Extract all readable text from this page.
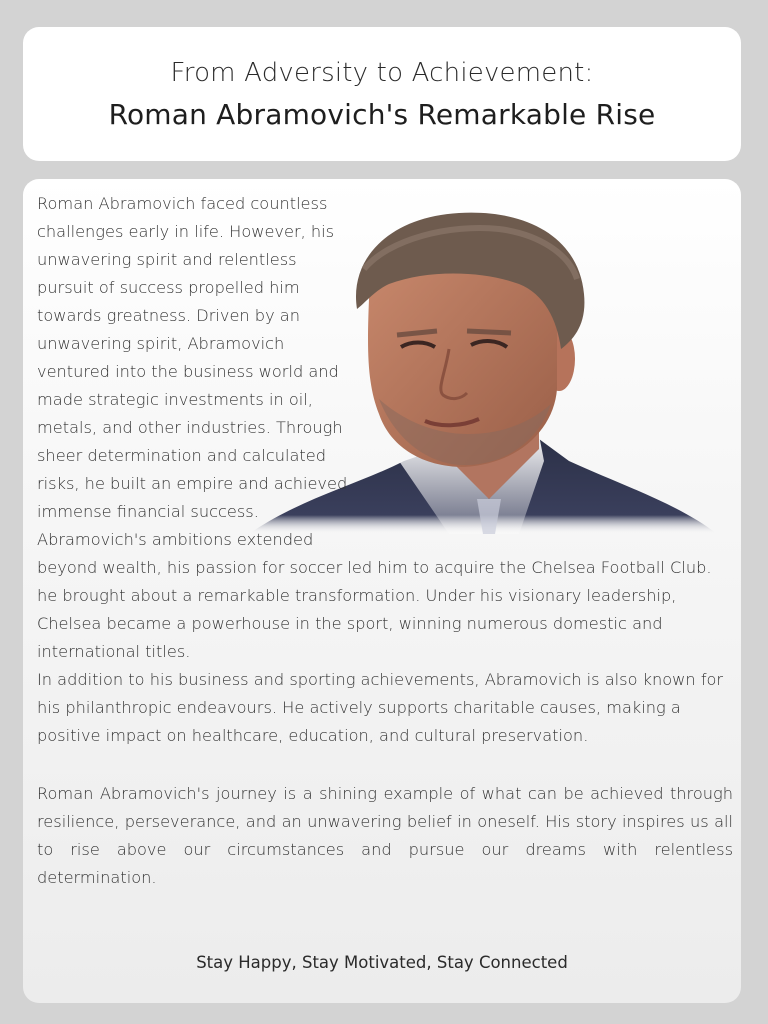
From Adversity to Achievement:
Roman Abramovich's Remarkable Rise

Roman Abramovich faced countless challenges early in life. However, his unwavering spirit and relentless pursuit of success propelled him towards greatness. Driven by an unwavering spirit, Abramovich ventured into the business world and made strategic investments in oil, metals, and other industries. Through sheer determination and calculated risks, he built an empire and achieved immense financial success.

Abramovich's ambitions extended beyond wealth, his passion for soccer led him to acquire the Chelsea Football Club. he brought about a remarkable transformation. Under his visionary leadership, Chelsea became a powerhouse in the sport, winning numerous domestic and international titles.

In addition to his business and sporting achievements, Abramovich is also known for his philanthropic endeavours. He actively supports charitable causes, making a positive impact on healthcare, education, and cultural preservation.

Roman Abramovich's journey is a shining example of what can be achieved through resilience, perseverance, and an unwavering belief in oneself. His story inspires us all to rise above our circumstances and pursue our dreams with relentless determination.

Stay Happy, Stay Motivated, Stay Connected
